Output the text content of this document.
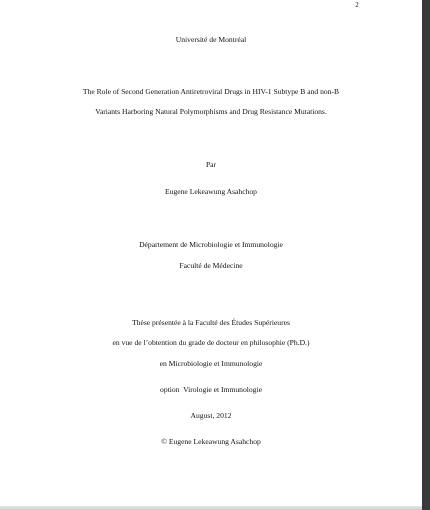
2
Université de Montréal
The Role of Second Generation Antiretroviral Drugs in HIV-1 Subtype B and non-B
Variants Harboring Natural Polymorphisms and Drug Resistance Mutations.
Par
Eugene Lekeawung Asahchop
Département de Microbiologie et Immunologie
Faculté de Médecine
Thèse présentée à la Faculté des Études Supérieures
en vue de l’obtention du grade de docteur en philosophie (Ph.D.)
en Microbiologie et Immunologie
option  Virologie et Immunologie
August, 2012
© Eugene Lekeawung Asahchop
